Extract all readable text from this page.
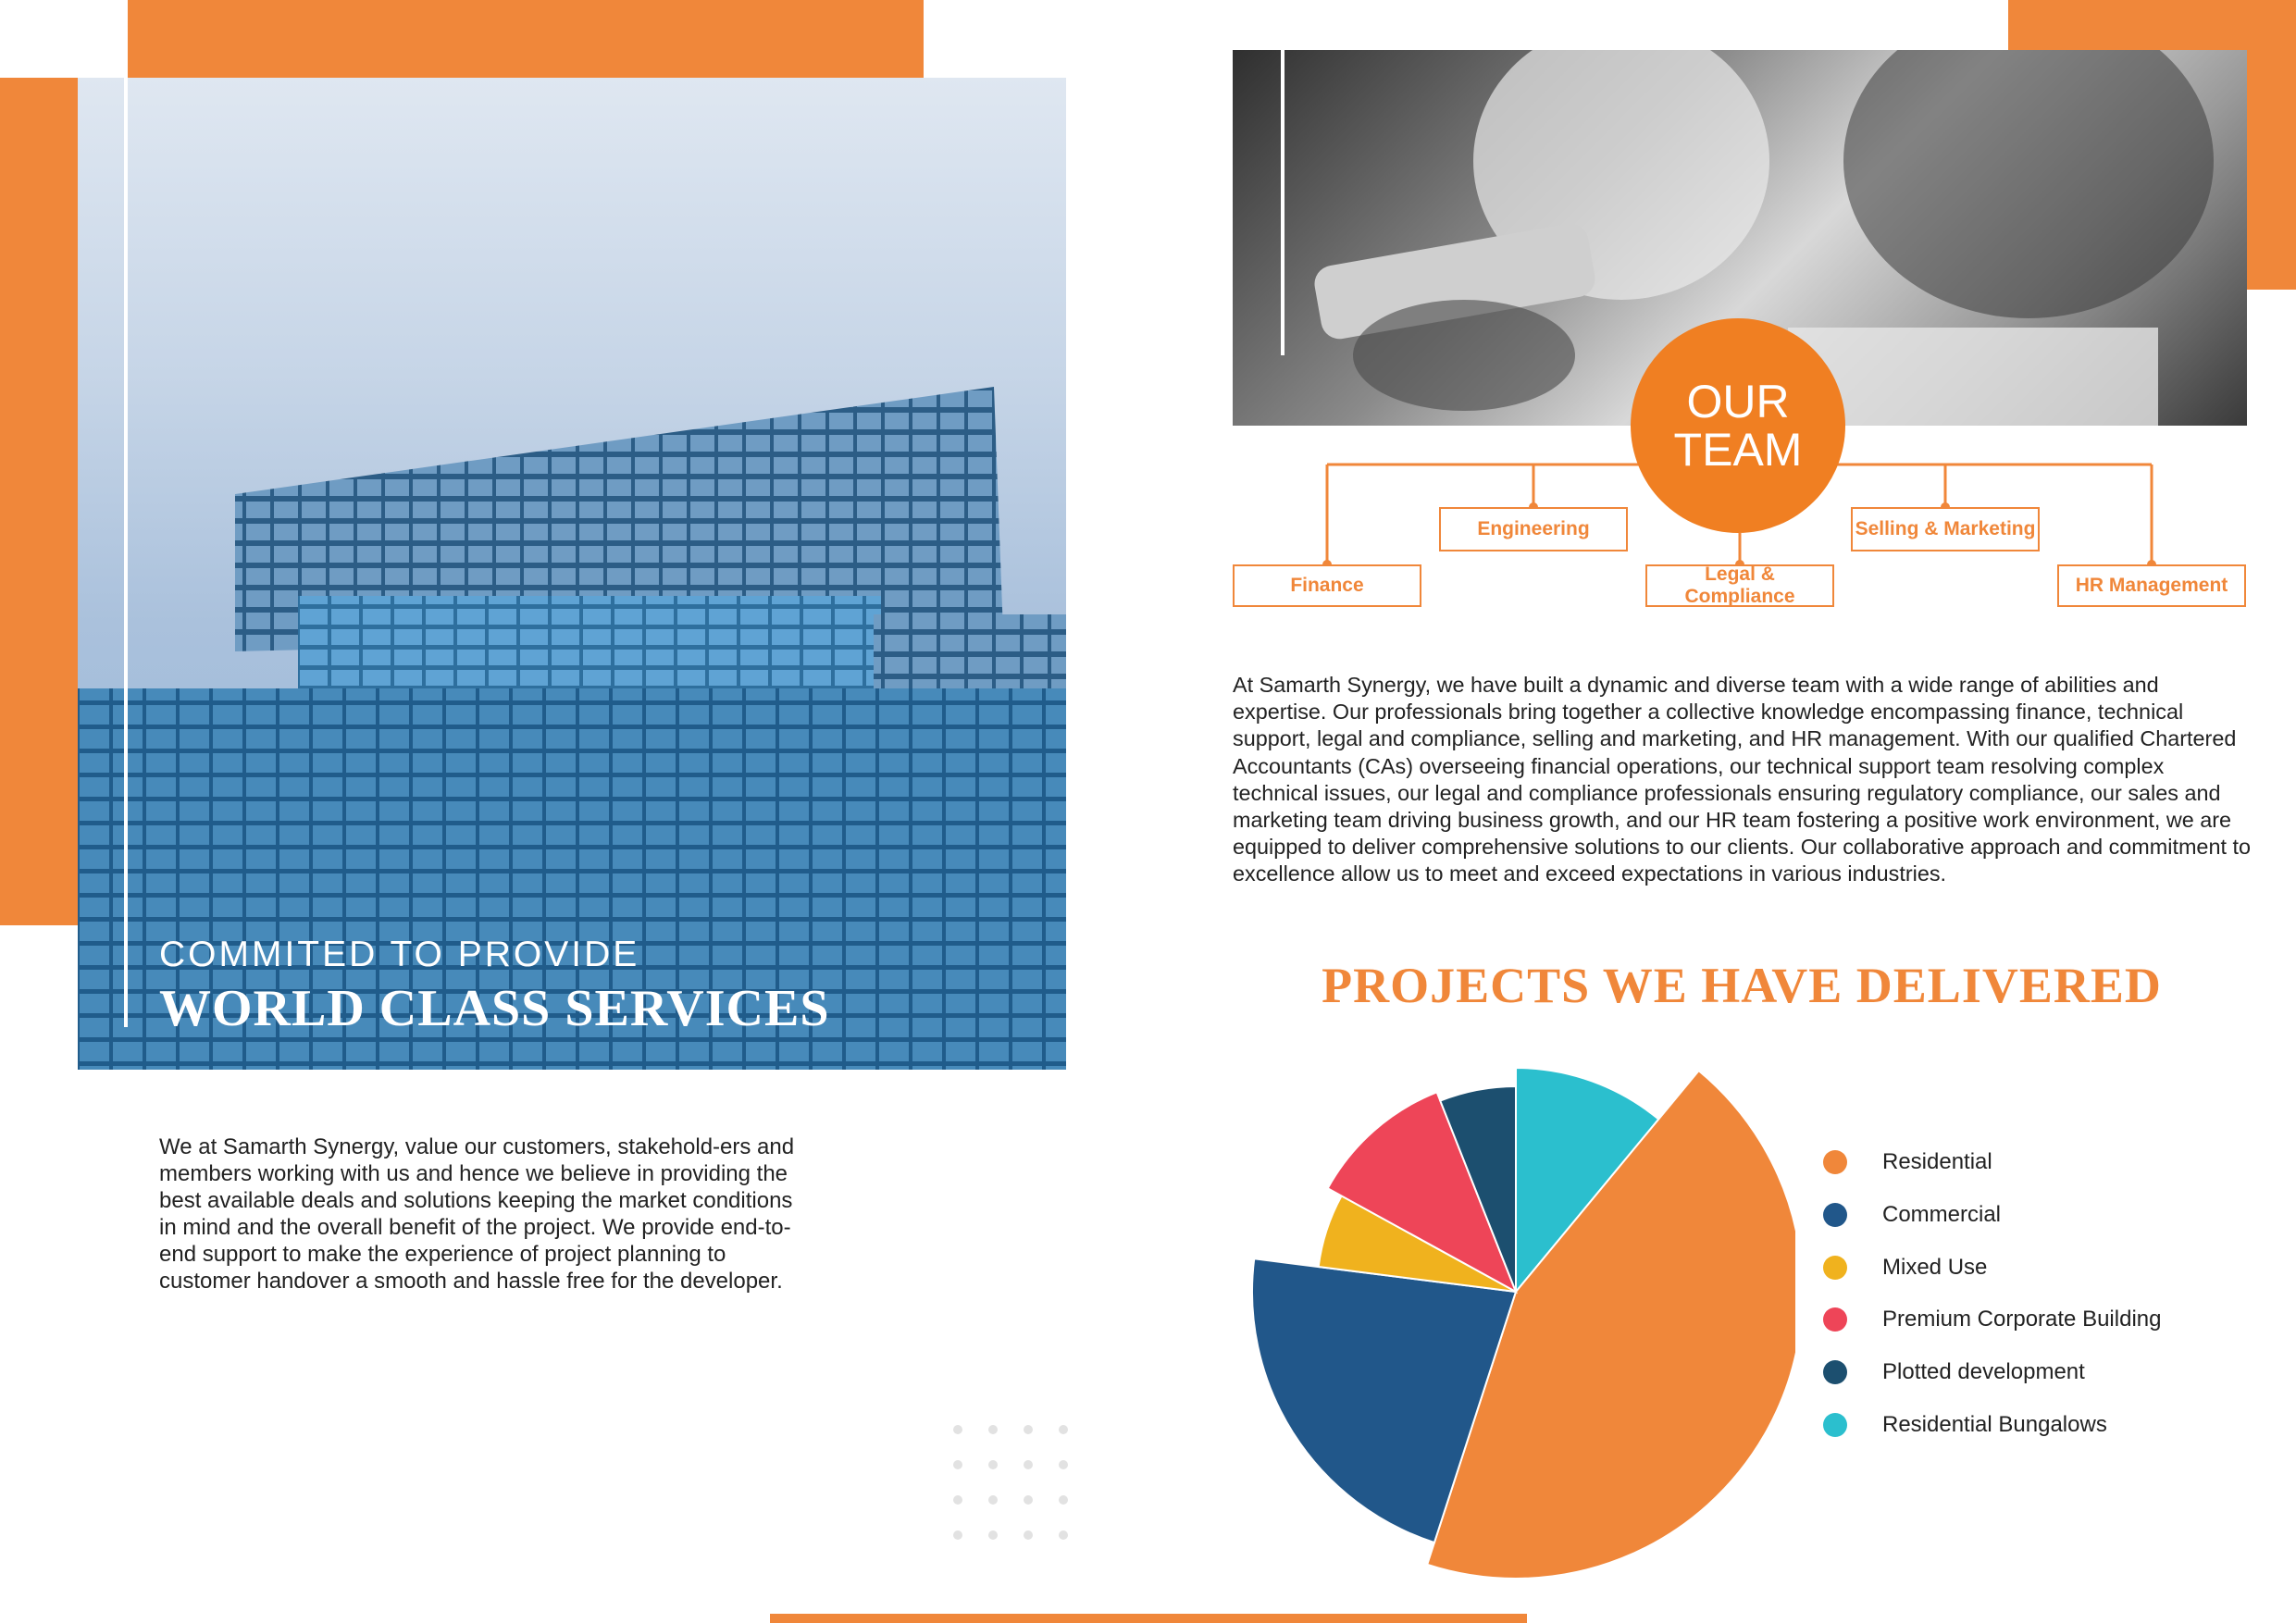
COMMITED TO PROVIDE
WORLD CLASS SERVICES
We at Samarth Synergy, value our customers, stakehold-ers and members working with us and hence we believe in providing the best available deals and solutions keeping the market conditions in mind and the overall benefit of the project. We provide end-to-end support to make the experience of project planning to customer handover a smooth and hassle free for the developer.
OUR
TEAM
Finance
Engineering
Legal & Compliance
Selling & Marketing
HR Management
At Samarth Synergy, we have built a dynamic and diverse team with a wide range of abilities and expertise. Our professionals bring together a collective knowledge encompassing finance, technical support, legal and compliance, selling and marketing, and HR management. With our qualified Chartered Accountants (CAs) overseeing financial operations, our technical support team resolving complex technical issues, our legal and compliance professionals ensuring regulatory compliance, our sales and marketing team driving business growth, and our HR team fostering a positive work environment, we are equipped to deliver comprehensive solutions to our clients. Our collaborative approach and commitment to excellence allow us to meet and exceed expectations in various industries.
PROJECTS WE HAVE DELIVERED
Residential
Commercial
Mixed Use
Premium Corporate Building
Plotted development
Residential Bungalows
